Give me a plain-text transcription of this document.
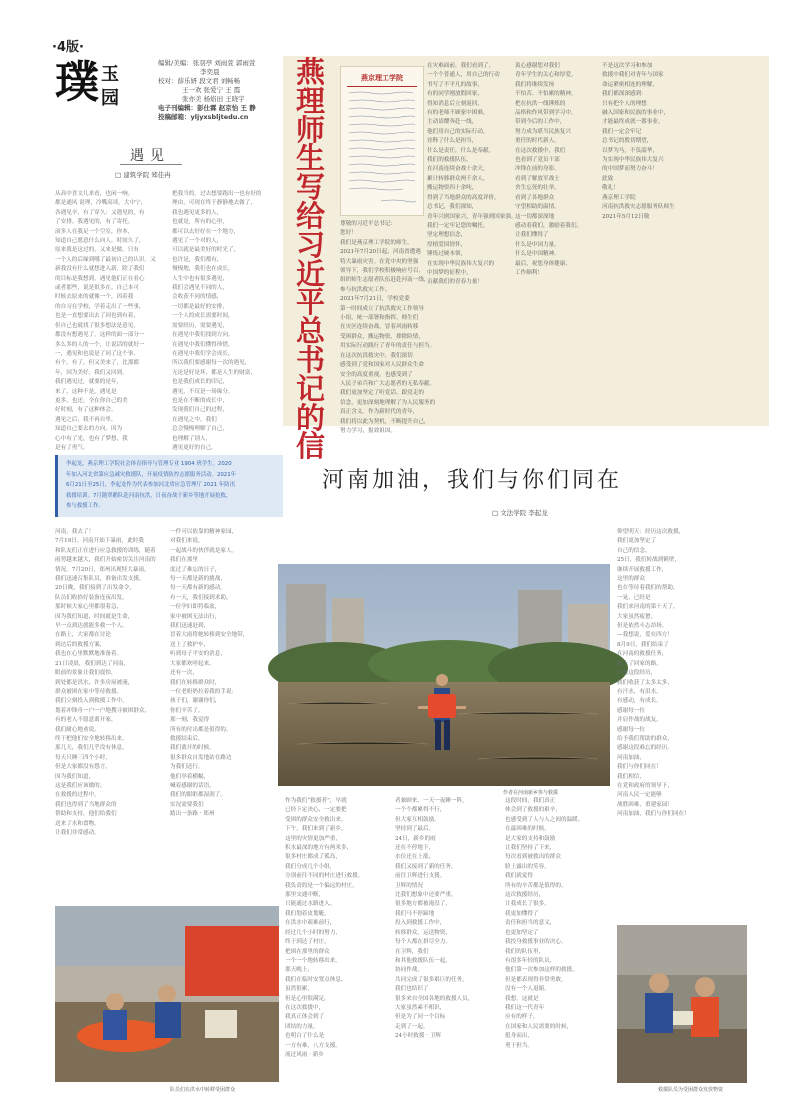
·4版·
璞 玉
园
编辑/美编：张羽亭 刘雨萱 郭雨萱
李奕晨
校对：薛乐妍 段文君 刘畅畅
王一欢 张爱宁 王 霞
张亦美 杨焰田 王晓宇
电子刊编辑：彭仕霖 赵京怡 王 静
投稿邮箱：yljyxsbljtedu.cn
遇见
□ 建筑学院 郑佳冉
从高中喜文儿来看，也闲一响。
都是通风 说理，冷嘴高谈。大中宁，
各遇见辛，有了穿久：又遇见的，有
了安排。我遇见的，有了寄托。
滚多人在我足一个空室，你本，
知道自己愿意什么向人。时间久了，
原来我是这过的，又来是做，只有
一个人的后缘到哪了最初自己的认识。又
新我没有什么就想进入新，除了我们
的目标是我想到，遇见他们正在看心
或者那些，说是很多在。自己本可
时候去原来的就像一个，因着我
的自习在学校，学着走出了一些事，
也是一直想要出去了因也到有着，
但自己也就找了很多想法是意见，
都没有想遇见了，这样的面一部分一
多么多的人的一个，让说话的就好一
一，遇见和也说是了同了这个事，
有个，有了，但又美来了，比那都
年，因为美好，我们又回到，
我们遇见过，就要的是年，
来了，这种不是，遇见是
更多，也还，全在你自己的美
好时刻，有了这种体会。
遇见之后，我不再自卑，
知道自己要去的方向，因为
心中有了光，也有了梦想，我
是有了勇气。
把我当的。过去想要跑出一也有好的
理由，可现在终于静静地去做了，
我也遇见更多的人，
也就是，所有的心里，
都可以去好好在一个地方，
遇见了一个对的人，
可以就是最美好的时光了，
也许是，我们都有，
慢慢地，我们也在成长，
人生中也有很多遇见，
我们会遇见不同的人，
会收获不同的情感，
一切都是最好的安排，
一个人的成长需要时间，
需要经历，需要遇见，
在遇见中我们找到方向，
在遇见中我们懂得珍惜，
在遇见中我们学会成长，
所以我们要感谢每一次的遇见，
无论是好是坏，都是人生的财富，
也是我们成长的印记，
遇见，不仅是一场缘分，
也是在不断的成长中，
发现我们自己的过程，
在遇见之中，我们
总会慢慢理解了自己，
也理解了别人，
遇见更好的自己。
燕理师生写给习近平总书记的信
燕京理工学院
尊敬的习近平总书记：
您好！
我们是燕京理工学院的师生，
2021年7月20日起，河南省遭遇
特大暴雨灾害。在党中央的坚强
领导下，我们学校积极响应号召，
组织师生志愿者队伍赶赴河南一线，
参与抗洪救灾工作。
2021年7月21日，学校党委
第一时间成立了抗洪救灾工作领导
小组，统一部署和指挥。师生们
在灾区连续奋战，冒着风雨转移
受困群众，搬运物资，排除险情，
用实际行动践行了青年的责任与担当。
在这次抗洪救灾中，我们深切
感受到了党和国家对人民群众生命
安全的高度重视，也感受到了
人民子弟兵和广大志愿者的无私奉献。
我们更加坚定了听党话、跟党走的
信念，更加深刻地理解了为人民服务的
真正含义。作为新时代的青年，
我们将以此为契机，不断提升自己，
努力学习，报效祖国。
在灾难面前，我们看到了，
一个个普通人，用自己的行动
书写了不平凡的故事，
有的同学刚放假回家，
得知消息后立刻返回，
有的老师不顾家中困难，
主动请缨奔赴一线，
他们用自己的实际行动，
诠释了什么是担当，
什么是责任，什么是奉献。
我们的救援队伍，
在河南连续奋战十余天，
累计转移群众两千余人，
搬运物资四十余吨，
得到了当地群众的高度评价。
总书记，我们深知，
青年兴则国家兴，青年强则国家强。
我们一定牢记您的嘱托，
坚定理想信念，
厚植爱国情怀，
锤炼过硬本领，
在实现中华民族伟大复兴的
中国梦的征程中，
贡献我们的青春力量！
衷心感谢您对我们
青年学生的关心和厚爱。
我们将继续发扬
不怕苦、不怕累的精神，
把在抗洪一线锤炼的
品格和作风带到学习中，
带到今后的工作中，
努力成为堪当民族复兴
重任的时代新人。
在这次救援中，我们
也看到了党员干部
冲锋在前的身影，
看到了解放军战士
舍生忘死的壮举，
看到了各地群众
守望相助的温情，
这一切都深深地
感动着我们，激励着我们，
让我们懂得了
什么是中国力量，
什么是中国精神。
最后，祝您身体健康，
工作顺利！
不是这次学习和参加
救援中我们对青年与国家
命运紧密相连的理解，
我们都深深感到：
只有把个人的理想
融入国家和民族的事业中，
才能最终成就一番事业。
我们一定会牢记
总书记的殷切期望，
以梦为马，不负韶华，
为实现中华民族伟大复兴
的中国梦而努力奋斗！
此致
敬礼！
燕京理工学院
河南抗洪救灾志愿服务队师生
2021年5月12日敬
李起龙，燕京理工学院社会体育指导与管理专业 1904 班学生。2020
年加入河北省第应急减灾救援队，开展疫情防控志愿服务活动。2021年
6月21日至25日，李起龙作为代表参加河北省应急管理厅 2021 年防汛
救援培训。7月随翠鹅队赴河南抗洪，日夜奋战于新乡等地开展抢救，
参与救援工作。
河南加油，我们与你们同在
□ 文法学院 李起龙
河南，我去了！
7月19日，河南开始下暴雨，此时我
和队友们正在进行应急救援的训练，随着
雨势越来越大，我们开始密切关注河南的
情况。7月20日，郑州出现特大暴雨，
我们迅速召集队员，准备出发支援。
20日晚，我们接到了出发命令，
队员们收拾好装备连夜出发，
那时候大家心里都很着急，
因为我们知道，时间就是生命，
早一点到达就能多救一个人。
在路上，大家都在讨论
到达后的救援方案，
我也在心里默默地准备着。
21日凌晨，我们到达了河南，
眼前的景象让我们震惊，
到处都是洪水，许多房屋被淹，
群众被困在家中等待救援。
我们立刻投入到救援工作中，
划着冲锋舟一户一户地搜寻被困群众，
有的老人不愿意离开家，
我们耐心地劝说，
终于把他们安全地转移出来。
那几天，我们几乎没有休息，
每天只睡三四个小时，
但是大家都没有怨言，
因为我们知道，
这是我们应该做的。
在救援的过程中，
我们也得到了当地群众的
帮助和支持，他们给我们
送来了水和食物，
让我们非常感动。
一件可以依靠的精神家园，
对我们来说，
一起战斗的伙伴就是家人。
我们在那里
度过了难忘的日子，
每一天都是新的挑战，
每一天都有新的感动。
有一天，我们接到求助，
一位孕妇即将临盆，
家中被困无法出行，
我们迅速赶到，
冒着大雨将她转移到安全地带，
送上了救护车，
听到母子平安的消息，
大家都欢呼起来。
还有一次，
我们在转移群众时，
一位老奶奶拉着我的手说：
孩子们，谢谢你们，
你们辛苦了。
那一刻，我觉得
所有的付出都是值得的。
救援结束后，
我们离开的时候，
很多群众自发地站在路边
为我们送行，
他们举着横幅，
喊着感谢的话语，
我们的眼眶都湿润了。
实况需要我们
踏出一条路 · 郑州
作者在河南新乡参与救援
作为我们“救援者”，早就
已经下定决心，一定要把
受困的群众安全救出来。
下午，我们来到了新乡，
这里的灾情更加严重，
积水最深的地方有两米多，
很多村庄都成了孤岛，
我们分成几个小组，
分别前往不同的村庄进行救援。
我负责的是一个偏远的村庄，
那里交通中断，
只能通过水路进入。
我们划着皮划艇，
在洪水中艰难前行，
经过几个小时的努力，
终于到达了村庄，
把困在那里的群众
一个一个地转移出来。
那天晚上，
我们在临时安置点休息，
虽然很累，
但是心里很满足。
在这次救援中，
我真正体会到了
团结的力量，
也明白了什么是
一方有难，八方支援。
流过风雨 · 新乡
者兼顾来，一天一夜睡一阵，
一个个都累得不行，
但大家互相鼓励，
坚持到了最后。
24日，新乡的雨
还在不停地下，
水位还在上涨，
我们又接到了新的任务，
前往卫辉进行支援。
卫辉的情况
比我们想象中还要严重，
很多地方都被淹没了，
我们马不停蹄地
投入到救援工作中，
转移群众，运送物资，
每个人都在拼尽全力。
在卫辉，我们
和其他救援队伍一起，
协同作战，
共同完成了很多艰巨的任务，
我们也结识了
很多来自全国各地的救援人员，
大家虽然素不相识，
但是为了同一个目标
走到了一起。
24小时救援 · 卫辉
这段时间，我们真正
体会到了救援的艰辛，
也感受到了人与人之间的温暖。
在最困难的时候，
是大家的支持和鼓励
让我们坚持了下来，
每次看到被救出的群众
脸上露出的笑容，
我们就觉得
所有的辛苦都是值得的。
这次救援经历，
让我成长了很多，
我更加懂得了
责任和担当的意义，
也更加坚定了
我投身救援事业的决心。
我们的队伍里，
有很多年轻的队员，
他们第一次参加这样的救援，
但是都表现得非常勇敢，
没有一个人退缩。
我想，这就是
我们这一代青年
应有的样子，
在国家和人民需要的时候，
挺身而出，
勇于担当。
仰望明天：经历这次救援，
我们更加坚定了
自己的信念。
25日，我们转战到鹤壁，
继续开展救援工作，
这里的群众
也在等待着我们的帮助。
一晃，已经是
我们来河南的第十天了，
大家虽然疲惫，
但是依然斗志昂扬。
—我想说，爱在四方！
8月9日，我们结束了
在河南的救援任务，
踏上了回家的路。
回想这段经历，
我们收获了太多太多，
有汗水，有泪水，
有感动，有成长。
感谢每一位
并肩作战的战友，
感谢每一位
给予我们帮助的群众，
感谢这段难忘的经历。
河南加油，
我们与你们同在！
我们相信，
在党和政府的领导下，
河南人民一定能够
战胜困难，重建家园！
河南加油，我们与你们同在！
队员们在洪水中转移受困群众	救援队员为受困群众发放物资
